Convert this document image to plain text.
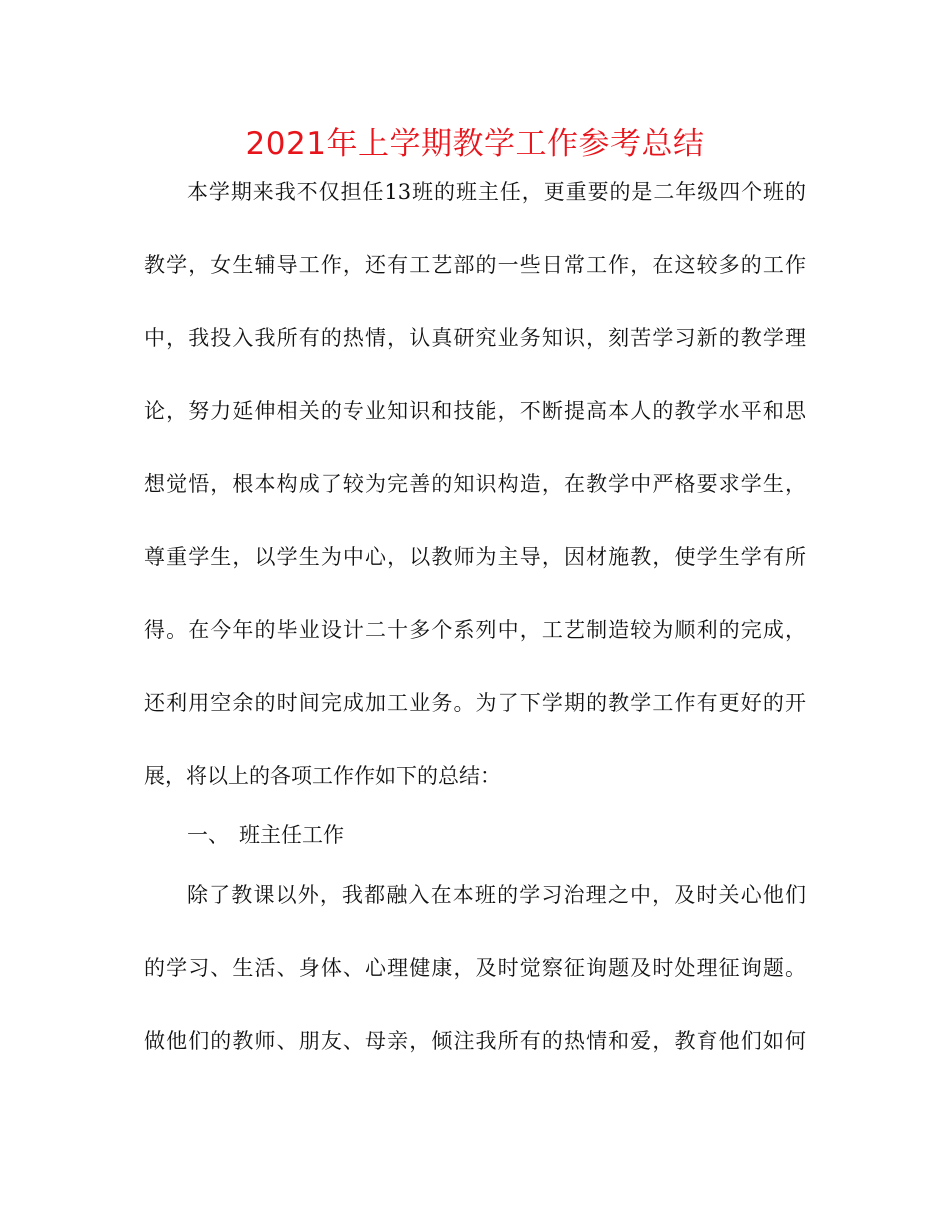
2021年上学期教学工作参考总结
本学期来我不仅担任13班的班主任，更重要的是二年级四个班的
教学，女生辅导工作，还有工艺部的一些日常工作，在这较多的工作
中，我投入我所有的热情，认真研究业务知识，刻苦学习新的教学理
论，努力延伸相关的专业知识和技能，不断提高本人的教学水平和思
想觉悟，根本构成了较为完善的知识构造，在教学中严格要求学生，
尊重学生，以学生为中心，以教师为主导，因材施教，使学生学有所
得。在今年的毕业设计二十多个系列中，工艺制造较为顺利的完成，
还利用空余的时间完成加工业务。为了下学期的教学工作有更好的开
展，将以上的各项工作作如下的总结：
一、 班主任工作
除了教课以外，我都融入在本班的学习治理之中，及时关心他们
的学习、生活、身体、心理健康，及时觉察征询题及时处理征询题。
做他们的教师、朋友、母亲，倾注我所有的热情和爱，教育他们如何
